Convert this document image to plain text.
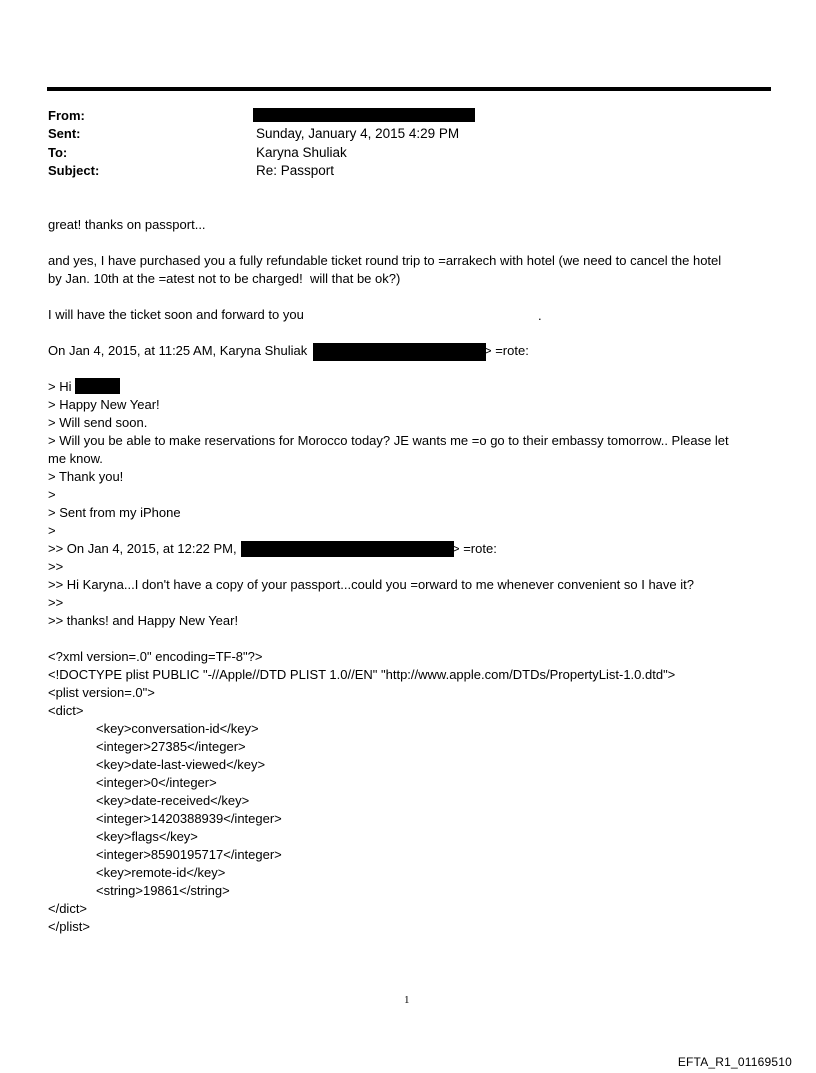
From:
Sent:	Sunday, January 4, 2015 4:29 PM
To:	Karyna Shuliak
Subject:	Re: Passport
great! thanks on passport...
and yes, I have purchased you a fully refundable ticket round trip to =arrakech with hotel (we need to cancel the hotel
by Jan. 10th at the =atest not to be charged!  will that be ok?)
I will have the ticket soon and forward to you	.
On Jan 4, 2015, at 11:25 AM, Karyna Shuliak	> =rote:
> Hi
> Happy New Year!
> Will send soon.
> Will you be able to make reservations for Morocco today? JE wants me =o go to their embassy tomorrow.. Please let
me know.
> Thank you!
>
> Sent from my iPhone
>
>> On Jan 4, 2015, at 12:22 PM,	> =rote:
>>
>> Hi Karyna...I don't have a copy of your passport...could you =orward to me whenever convenient so I have it?
>>
>> thanks! and Happy New Year!
<?xml version=.0" encoding=TF-8"?>
<!DOCTYPE plist PUBLIC "-//Apple//DTD PLIST 1.0//EN" "http://www.apple.com/DTDs/PropertyList-1.0.dtd">
<plist version=.0">
<dict>
<key>conversation-id</key>
<integer>27385</integer>
<key>date-last-viewed</key>
<integer>0</integer>
<key>date-received</key>
<integer>1420388939</integer>
<key>flags</key>
<integer>8590195717</integer>
<key>remote-id</key>
<string>19861</string>
</dict>
</plist>
1
EFTA_R1_01169510
